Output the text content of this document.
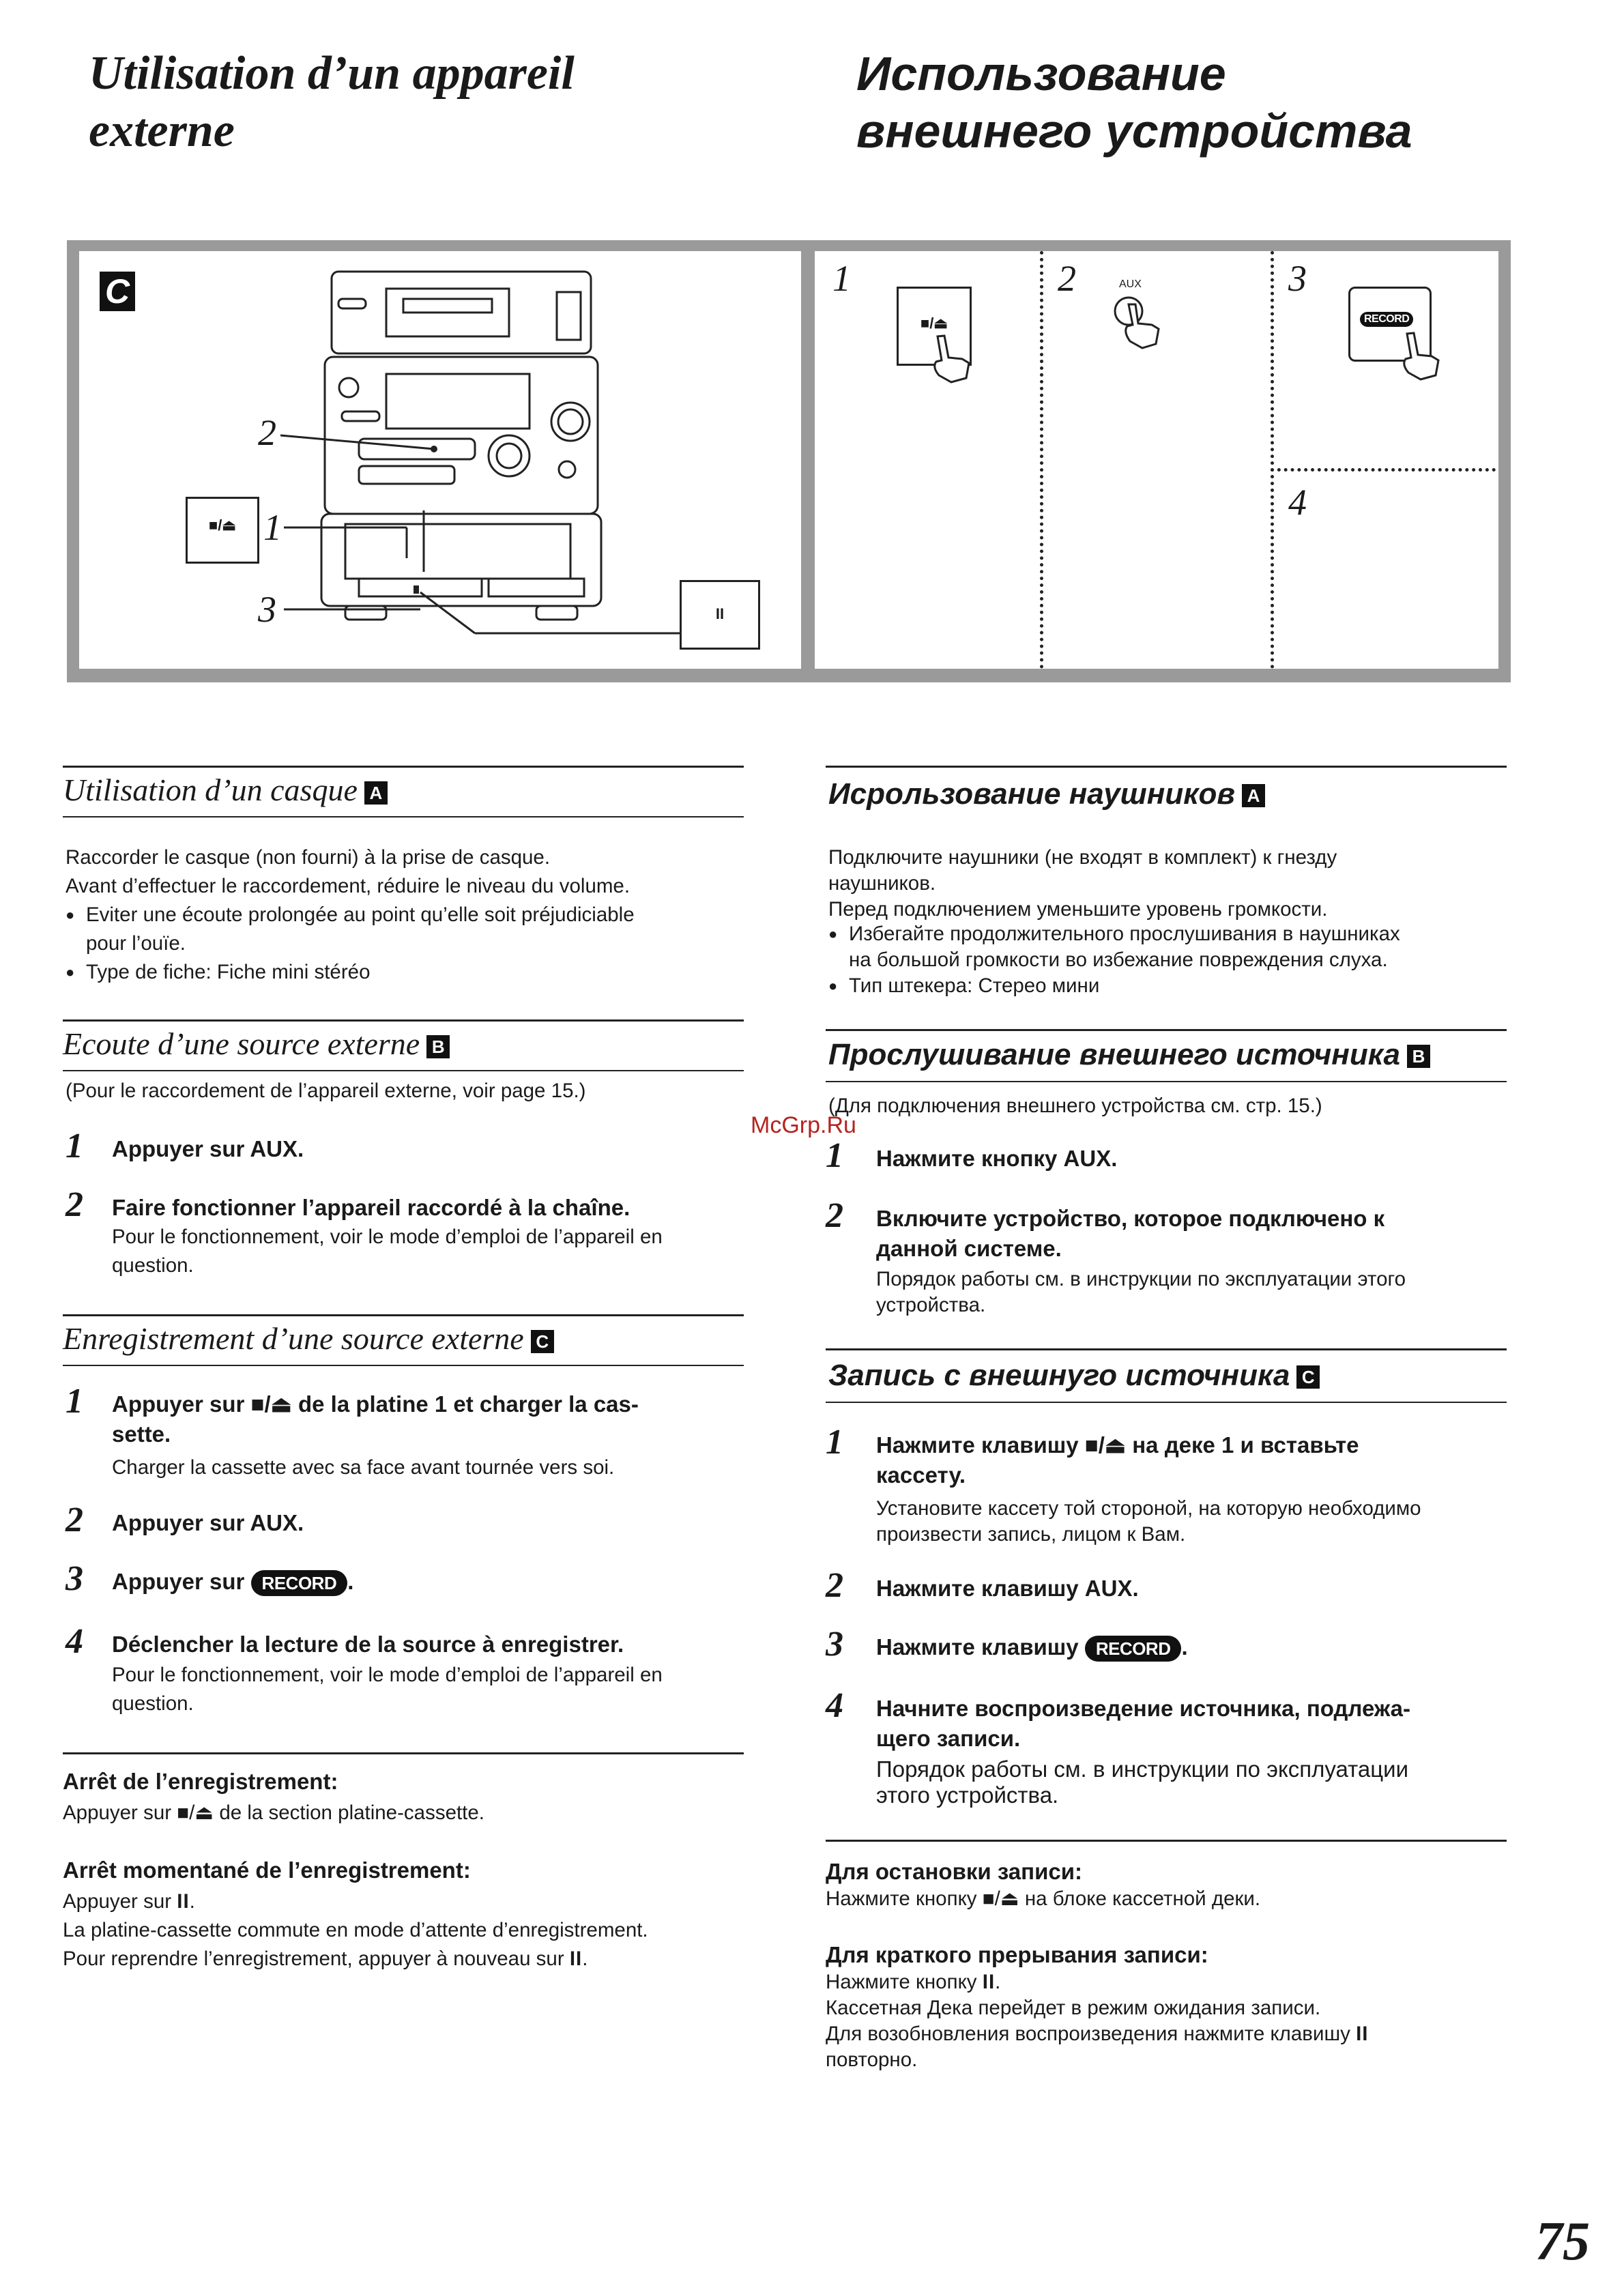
Utilisation d’un appareil
externe
Использование
внешнего устройства
C
2
1
3
■/⏏
II
1	2	3
4
■/⏏
AUX
RECORD
Utilisation d’un casque A
Raccorder le casque (non fourni) à la prise de casque.
Avant d’effectuer le raccordement, réduire le niveau du volume.
● Eviter une écoute prolongée au point qu’elle soit préjudiciable
pour l’ouïe.
● Type de fiche: Fiche mini stéréo
Ecoute d’une source externe B
(Pour le raccordement de l’appareil externe, voir page 15.)
1 Appuyer sur AUX.
2 Faire fonctionner l’appareil raccordé à la chaîne.
Pour le fonctionnement, voir le mode d’emploi de l’appareil en
question.
Enregistrement d’une source externe C
1 Appuyer sur ■/⏏ de la platine 1 et charger la cas-
sette.
Charger la cassette avec sa face avant tournée vers soi.
2 Appuyer sur AUX.
3 Appuyer sur RECORD .
4 Déclencher la lecture de la source à enregistrer.
Pour le fonctionnement, voir le mode d’emploi de l’appareil en
question.
Arrêt de l’enregistrement:
Appuyer sur ■/⏏ de la section platine-cassette.
Arrêt momentané de l’enregistrement:
Appuyer sur II.
La platine-cassette commute en mode d’attente d’enregistrement.
Pour reprendre l’enregistrement, appuyer à nouveau sur II.
Исрользование наушников A
Подключите наушники (не входят в комплект) к гнезду
наушников.
Перед подключением уменьшите уровень громкости.
● Избегайте продолжительного прослушивания в наушниках
на большой громкости во избежание повреждения слуха.
● Тип штекера: Стерео мини
Прослушивание внешнего источника B
(Для подключения внешнего устройства см. стр. 15.)
1 Нажмите кнопку AUX.
2 Включите устройство, которое подключено к
данной системе.
Порядок работы см. в инструкции по эксплуатации этого
устройства.
Запись с внешнуго источника C
1 Нажмите клавишу ■/⏏ на деке 1 и вставьте
кассету.
Установите кассету той стороной, на которую необходимо
произвести запись, лицом к Вам.
2 Нажмите клавишу AUX.
3 Нажмите клавишу RECORD .
4 Начните воспроизведение источника, подлежа-
щего записи.
Порядок работы см. в инструкции по эксплуатации
этого устройства.
Для остановки записи:
Нажмите кнопку ■/⏏ на блоке кассетной деки.
Для краткого прерывания записи:
Нажмите кнопку II.
Кассетная Дека перейдет в режим ожидания записи.
Для возобновления воспроизведения нажмите клавишу II
повторно.
McGrp.Ru
75
